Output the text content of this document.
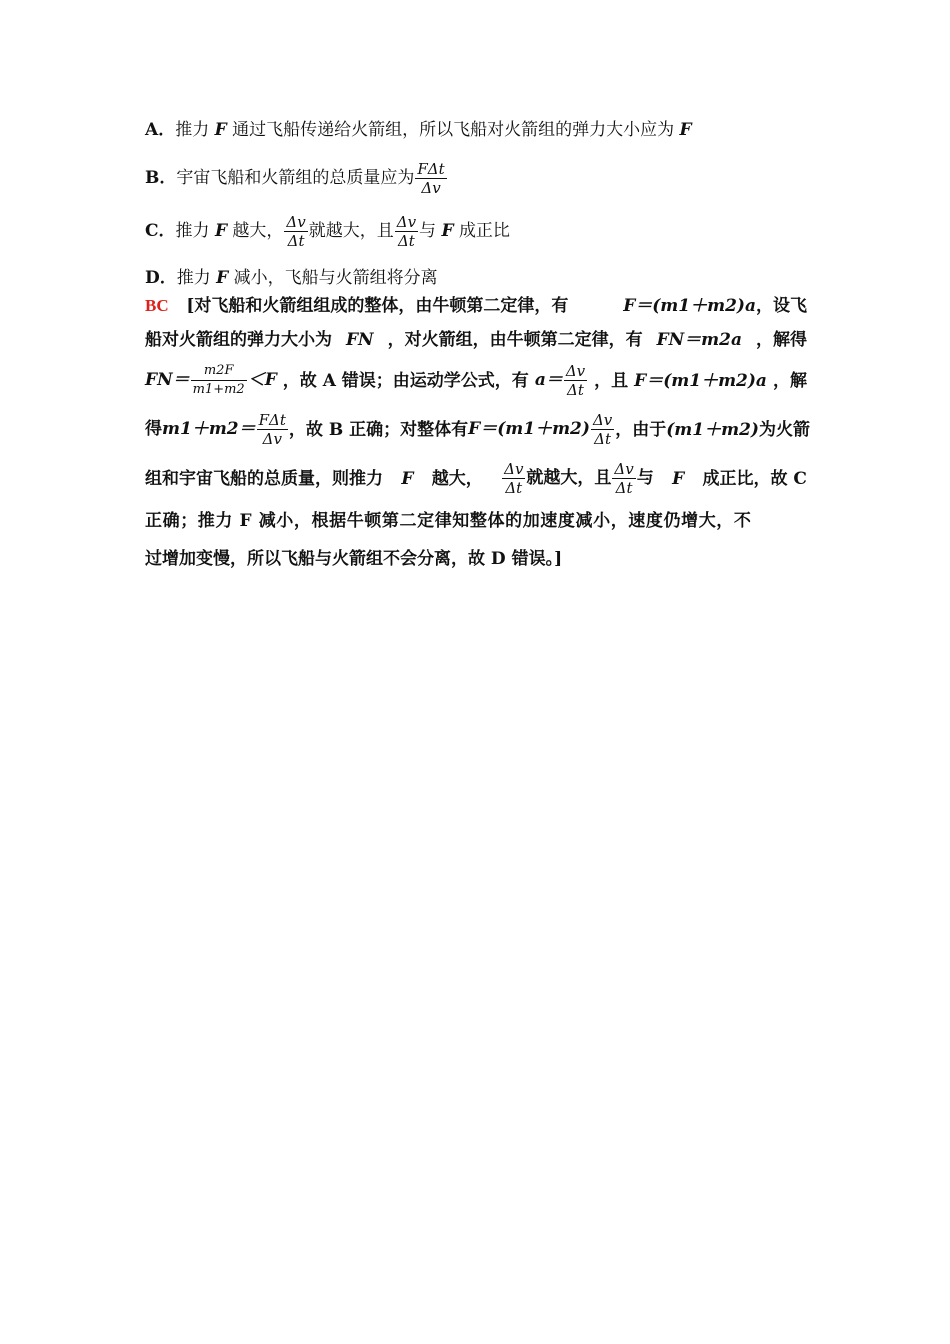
A．推力 F 通过飞船传递给火箭组，所以飞船对火箭组的弹力大小应为 F
B．宇宙飞船和火箭组的总质量应为 $\frac{\text{FΔt}}{\Delta v}$
C．推力 F 越大， $\frac{\Delta v}{\Delta t}$ 就越大，且 $\frac{\Delta v}{\Delta t}$ 与 F 成正比
D．推力 F 减小，飞船与火箭组将分离
BC [对飞船和火箭组组成的整体，由牛顿第二定律，有	F＝(m1＋m2)a，设飞
船对火箭组的弹力大小为 FN ，对火箭组，由牛顿第二定律，有 FN＝m2a ，解得
$FN= \frac{m2F}{m1+m2} <F$ ，故 A 错误；由运动学公式，有 $a= \frac{\Delta v}{\Delta t}$ ，且 F＝(m1＋m2)a ，解
得$m1+m2= \frac{\text{FΔt}}{\Delta v}$ ，故 B 正确；对整体有 $F=(m1+m2) \frac{\Delta v}{\Delta t}$ ，由于 (m1＋m2) 为火箭
组和宇宙飞船的总质量，则推力 F 越大， $\frac{\Delta v}{\Delta t}$ 就越大，且 $\frac{\Delta v}{\Delta t}$ 与 F 成正比，故 C
正确；推力 F 减小，根据牛顿第二定律知整体的加速度减小，速度仍增大，不
过增加变慢，所以飞船与火箭组不会分离，故 D 错误。]
